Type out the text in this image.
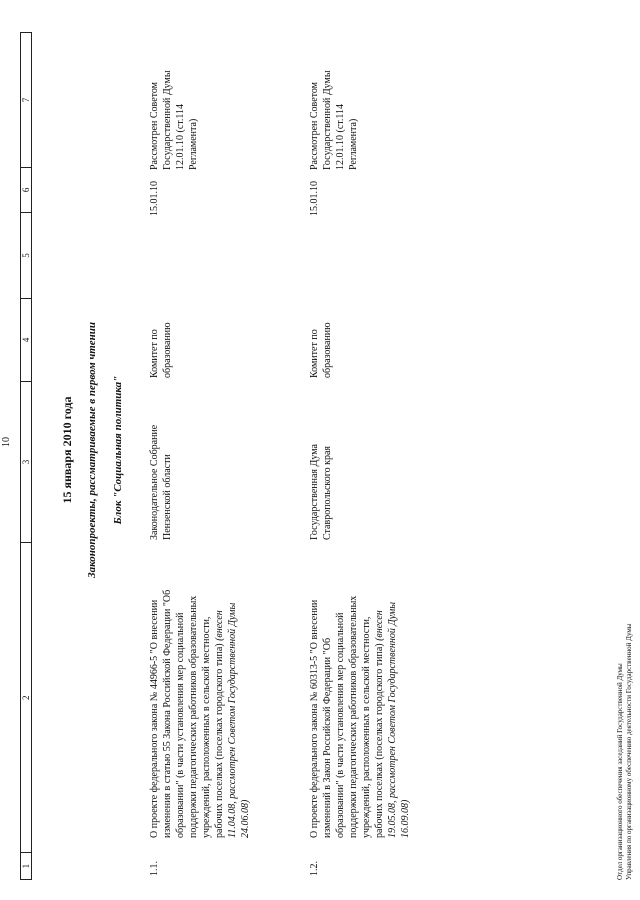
10
1
2
3
4
5
6
7
15 января 2010 года Законопроекты, рассматриваемые в первом чтении Блок "Социальная политика"
1.1.
О проекте федерального закона № 44966-5 "О внесении изменения в статью 55 Закона Российской Федерации "Об образовании" (в части установления мер социальной поддержки педагогических работников образовательных учреждений, расположенных в сельской местности, рабочих поселках (поселках городского типа) (внесен 11.04.08, рассмотрен Советом Государственной Думы 24.06.08)
Законодательное Собрание Пензенской области
Комитет по образованию
15.01.10
Рассмотрен Советом Государственной Думы 12.01.10 (ст.114 Регламента)
1.2.
О проекте федерального закона № 60313-5 "О внесении изменений в Закон Российской Федерации "Об образовании" (в части установления мер социальной поддержки педагогических работников образовательных учреждений, расположенных в сельской местности, рабочих поселках (поселках городского типа) (внесен 19.05.08, рассмотрен Советом Государственной Думы 16.09.08)
Государственная Дума Ставропольского края
Комитет по образованию
15.01.10
Рассмотрен Советом Государственной Думы 12.01.10 (ст.114 Регламента)
Отдел организационного обеспечения заседаний Государственной Думы Управления по организационному обеспечению деятельности Государственной Думы
